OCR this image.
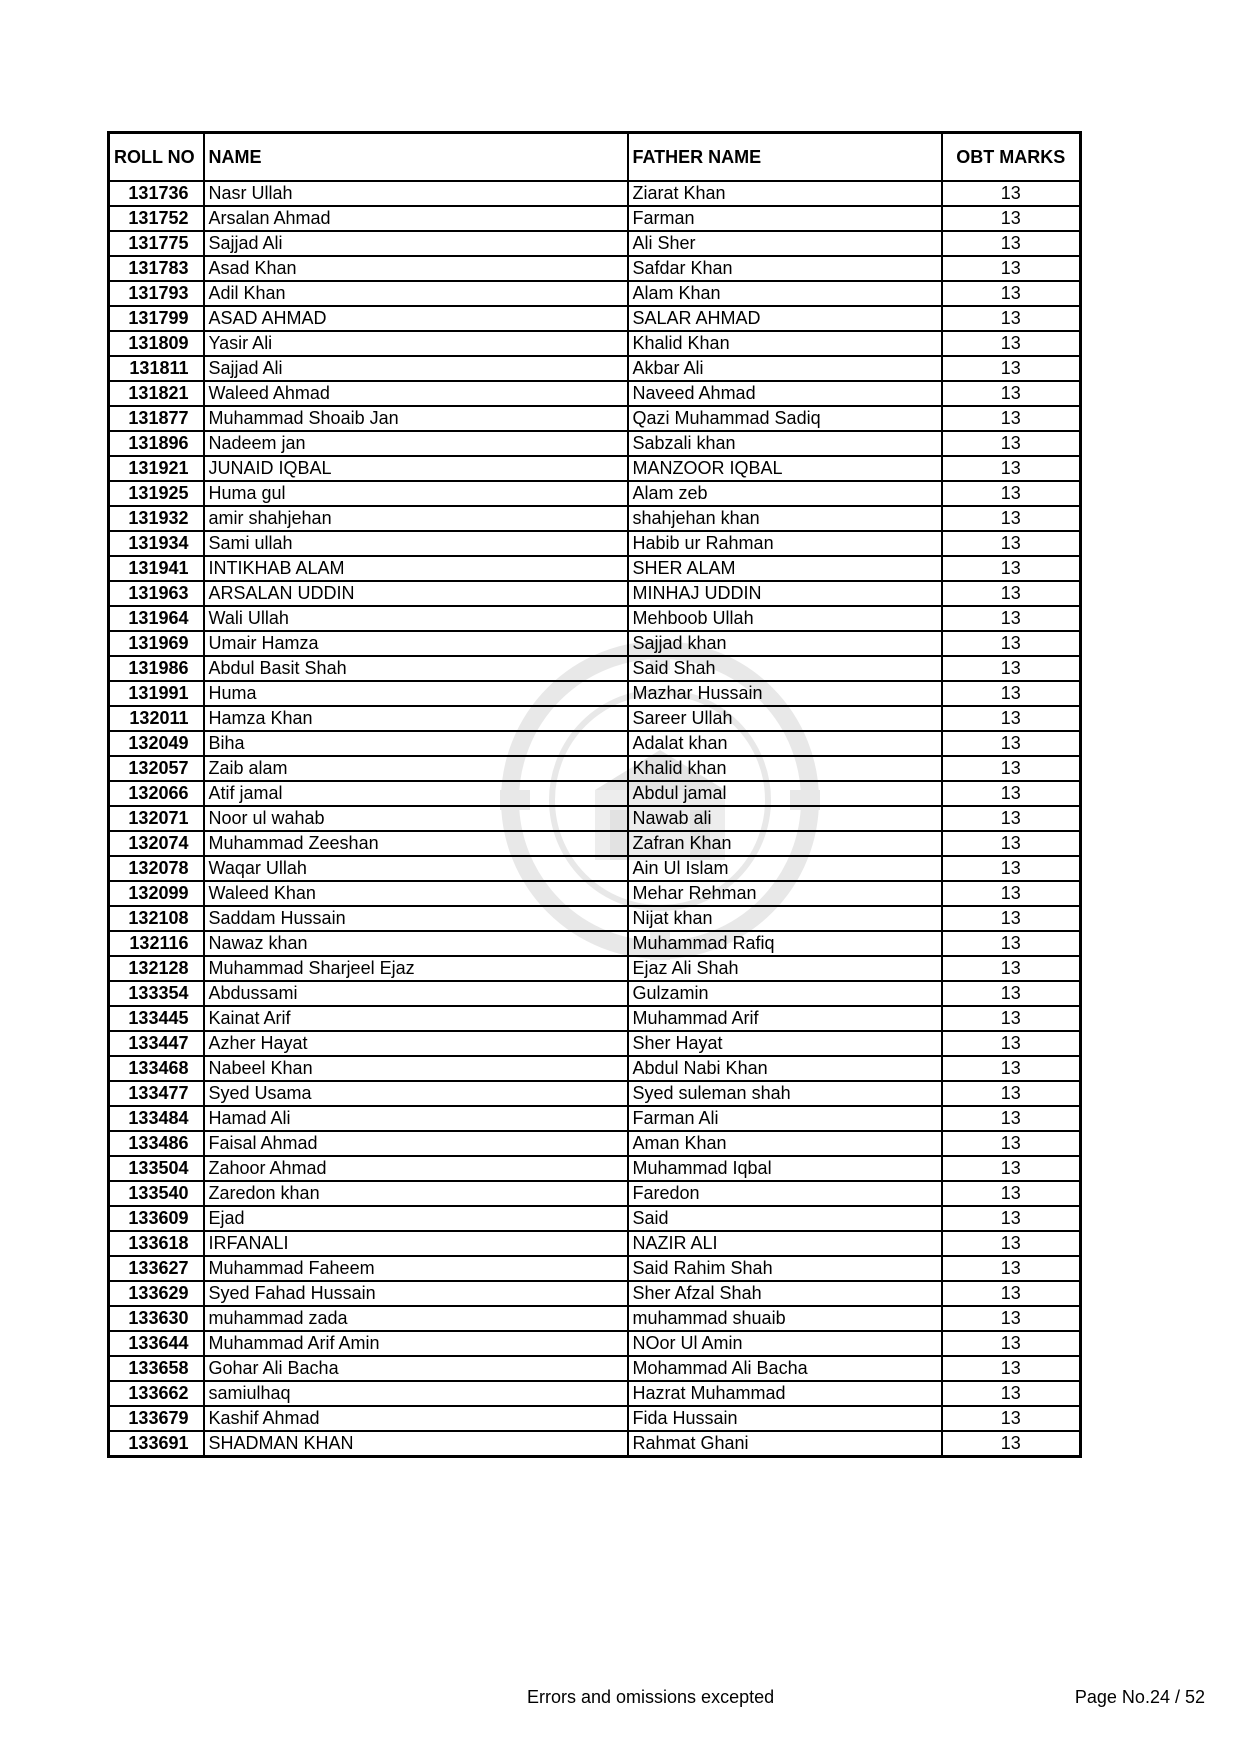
ROLL NO	NAME	FATHER NAME	OBT MARKS
131736	Nasr Ullah	Ziarat Khan	13
131752	Arsalan Ahmad	Farman	13
131775	Sajjad Ali	Ali Sher	13
131783	Asad Khan	Safdar Khan	13
131793	Adil Khan	Alam Khan	13
131799	ASAD AHMAD	SALAR AHMAD	13
131809	Yasir Ali	Khalid Khan	13
131811	Sajjad Ali	Akbar Ali	13
131821	Waleed Ahmad	Naveed Ahmad	13
131877	Muhammad Shoaib Jan	Qazi Muhammad Sadiq	13
131896	Nadeem jan	Sabzali khan	13
131921	JUNAID IQBAL	MANZOOR IQBAL	13
131925	Huma gul	Alam zeb	13
131932	amir shahjehan	shahjehan khan	13
131934	Sami ullah	Habib ur Rahman	13
131941	INTIKHAB ALAM	SHER ALAM	13
131963	ARSALAN UDDIN	MINHAJ UDDIN	13
131964	Wali Ullah	Mehboob Ullah	13
131969	Umair Hamza	Sajjad khan	13
131986	Abdul Basit Shah	Said Shah	13
131991	Huma	Mazhar Hussain	13
132011	Hamza Khan	Sareer Ullah	13
132049	Biha	Adalat khan	13
132057	Zaib alam	Khalid khan	13
132066	Atif jamal	Abdul jamal	13
132071	Noor ul wahab	Nawab ali	13
132074	Muhammad Zeeshan	Zafran Khan	13
132078	Waqar Ullah	Ain Ul Islam	13
132099	Waleed Khan	Mehar Rehman	13
132108	Saddam Hussain	Nijat khan	13
132116	Nawaz khan	Muhammad Rafiq	13
132128	Muhammad Sharjeel Ejaz	Ejaz Ali Shah	13
133354	Abdussami	Gulzamin	13
133445	Kainat Arif	Muhammad Arif	13
133447	Azher Hayat	Sher Hayat	13
133468	Nabeel Khan	Abdul Nabi Khan	13
133477	Syed Usama	Syed suleman shah	13
133484	Hamad Ali	Farman Ali	13
133486	Faisal Ahmad	Aman Khan	13
133504	Zahoor Ahmad	Muhammad Iqbal	13
133540	Zaredon khan	Faredon	13
133609	Ejad	Said	13
133618	IRFANALI	NAZIR ALI	13
133627	Muhammad Faheem	Said Rahim Shah	13
133629	Syed Fahad Hussain	Sher Afzal Shah	13
133630	muhammad zada	muhammad shuaib	13
133644	Muhammad Arif Amin	NOor Ul Amin	13
133658	Gohar Ali Bacha	Mohammad Ali Bacha	13
133662	samiulhaq	Hazrat Muhammad	13
133679	Kashif Ahmad	Fida Hussain	13
133691	SHADMAN KHAN	Rahmat Ghani	13
Errors and omissions excepted	Page No.24 / 52
